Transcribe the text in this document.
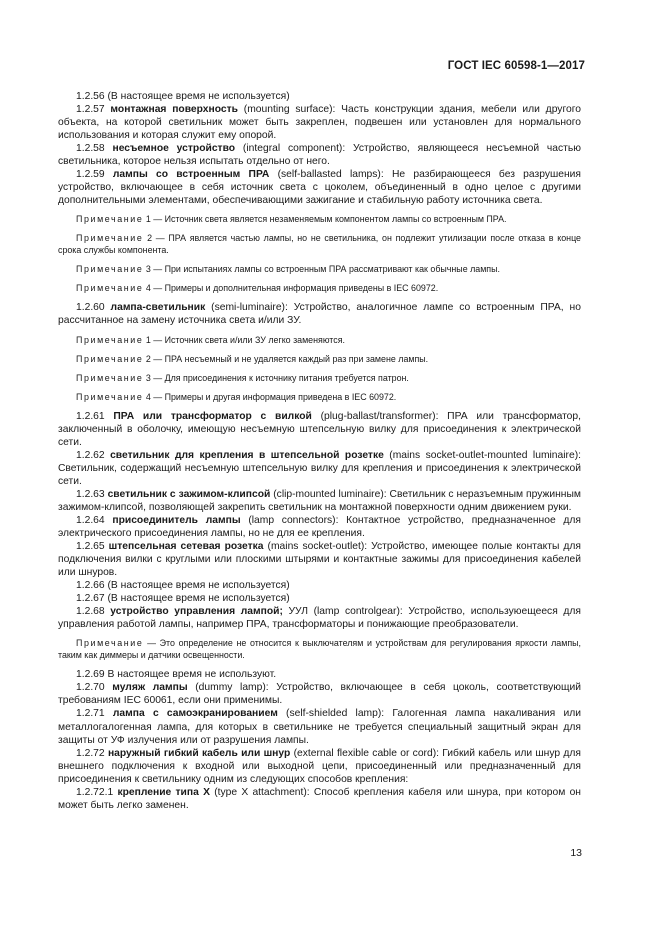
ГОСТ IEC 60598-1—2017

1.2.56 (В настоящее время не используется)

1.2.57 монтажная поверхность (mounting surface): Часть конструкции здания, мебели или другого объекта, на которой светильник может быть закреплен, подвешен или установлен для нормального использования и которая служит ему опорой.

1.2.58 несъемное устройство (integral component): Устройство, являющееся несъемной частью светильника, которое нельзя испытать отдельно от него.

1.2.59 лампы со встроенным ПРА (self-ballasted lamps): Не разбирающееся без разрушения устройство, включающее в себя источник света с цоколем, объединенный в одно целое с другими дополнительными элементами, обеспечивающими зажигание и стабильную работу источника света.

Примечание 1 — Источник света является незаменяемым компонентом лампы со встроенным ПРА.

Примечание 2 — ПРА является частью лампы, но не светильника, он подлежит утилизации после отказа в конце срока службы компонента.

Примечание 3 — При испытаниях лампы со встроенным ПРА рассматривают как обычные лампы.

Примечание 4 — Примеры и дополнительная информация приведены в IEC 60972.

1.2.60 лампа-светильник (semi-luminaire): Устройство, аналогичное лампе со встроенным ПРА, но рассчитанное на замену источника света и/или ЗУ.

Примечание 1 — Источник света и/или ЗУ легко заменяются.

Примечание 2 — ПРА несъемный и не удаляется каждый раз при замене лампы.

Примечание 3 — Для присоединения к источнику питания требуется патрон.

Примечание 4 — Примеры и другая информация приведена в IEC 60972.

1.2.61 ПРА или трансформатор с вилкой (plug-ballast/transformer): ПРА или трансформатор, заключенный в оболочку, имеющую несъемную штепсельную вилку для присоединения к электрической сети.

1.2.62 светильник для крепления в штепсельной розетке (mains socket-outlet-mounted luminaire): Светильник, содержащий несъемную штепсельную вилку для крепления и присоединения к электрической сети.

1.2.63 светильник с зажимом-клипсой (clip-mounted luminaire): Светильник с неразъемным пружинным зажимом-клипсой, позволяющей закрепить светильник на монтажной поверхности одним движением руки.

1.2.64 присоединитель лампы (lamp connectors): Контактное устройство, предназначенное для электрического присоединения лампы, но не для ее крепления.

1.2.65 штепсельная сетевая розетка (mains socket-outlet): Устройство, имеющее полые контакты для подключения вилки с круглыми или плоскими штырями и контактные зажимы для присоединения кабелей или шнуров.

1.2.66 (В настоящее время не используется)

1.2.67 (В настоящее время не используется)

1.2.68 устройство управления лампой; УУЛ (lamp controlgear): Устройство, используюещееся для управления работой лампы, например ПРА, трансформаторы и понижающие преобразователи.

Примечание — Это определение не относится к выключателям и устройствам для регулирования яркости лампы, таким как диммеры и датчики освещенности.

1.2.69 В настоящее время не используют.

1.2.70 муляж лампы (dummy lamp): Устройство, включающее в себя цоколь, соответствующий требованиям IEC 60061, если они применимы.

1.2.71 лампа с самоэкранированием (self-shielded lamp): Галогенная лампа накаливания или металлогалогенная лампа, для которых в светильнике не требуется специальный защитный экран для защиты от УФ излучения или от разрушения лампы.

1.2.72 наружный гибкий кабель или шнур (external flexible cable or cord): Гибкий кабель или шнур для внешнего подключения к входной или выходной цепи, присоединенный или предназначенный для присоединения к светильнику одним из следующих способов крепления:

1.2.72.1 крепление типа X (type X attachment): Способ крепления кабеля или шнура, при котором он может быть легко заменен.

13
